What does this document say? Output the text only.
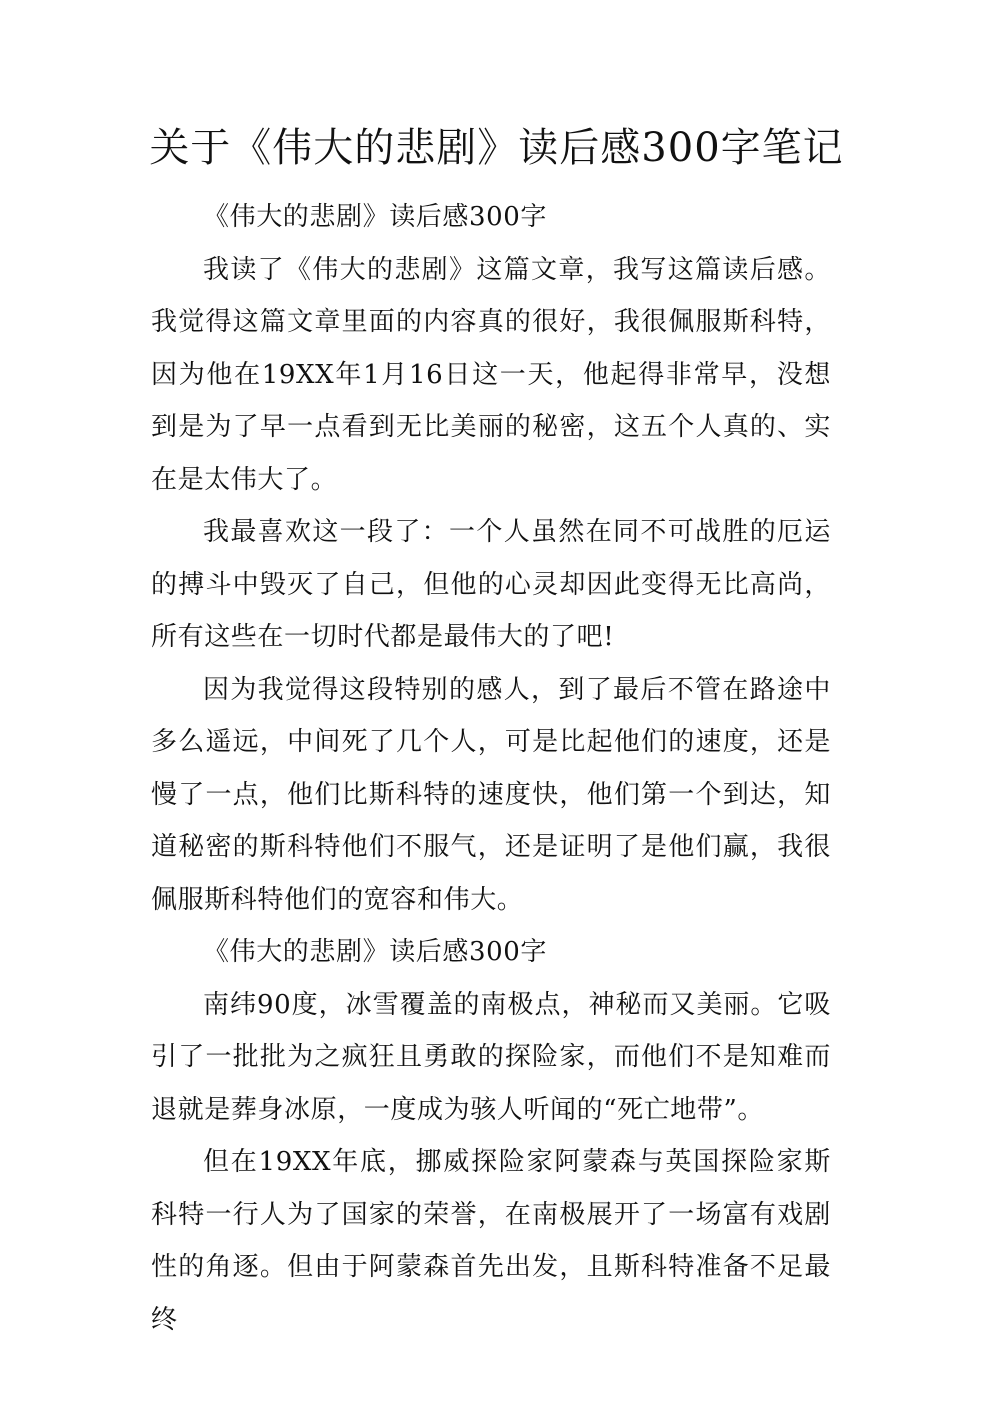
关于《伟大的悲剧》读后感300字笔记

《伟大的悲剧》读后感300字

我读了《伟大的悲剧》这篇文章，我写这篇读后感。我觉得这篇文章里面的内容真的很好，我很佩服斯科特，因为他在19XX年1月16日这一天，他起得非常早，没想到是为了早一点看到无比美丽的秘密，这五个人真的、实在是太伟大了。

我最喜欢这一段了：一个人虽然在同不可战胜的厄运的搏斗中毁灭了自己，但他的心灵却因此变得无比高尚，所有这些在一切时代都是最伟大的了吧!

因为我觉得这段特别的感人，到了最后不管在路途中多么遥远，中间死了几个人，可是比起他们的速度，还是慢了一点，他们比斯科特的速度快，他们第一个到达，知道秘密的斯科特他们不服气，还是证明了是他们赢，我很佩服斯科特他们的宽容和伟大。

《伟大的悲剧》读后感300字

南纬90度，冰雪覆盖的南极点，神秘而又美丽。它吸引了一批批为之疯狂且勇敢的探险家，而他们不是知难而退就是葬身冰原，一度成为骇人听闻的“死亡地带”。

但在19XX年底，挪威探险家阿蒙森与英国探险家斯科特一行人为了国家的荣誉，在南极展开了一场富有戏剧性的角逐。但由于阿蒙森首先出发，且斯科特准备不足最终
